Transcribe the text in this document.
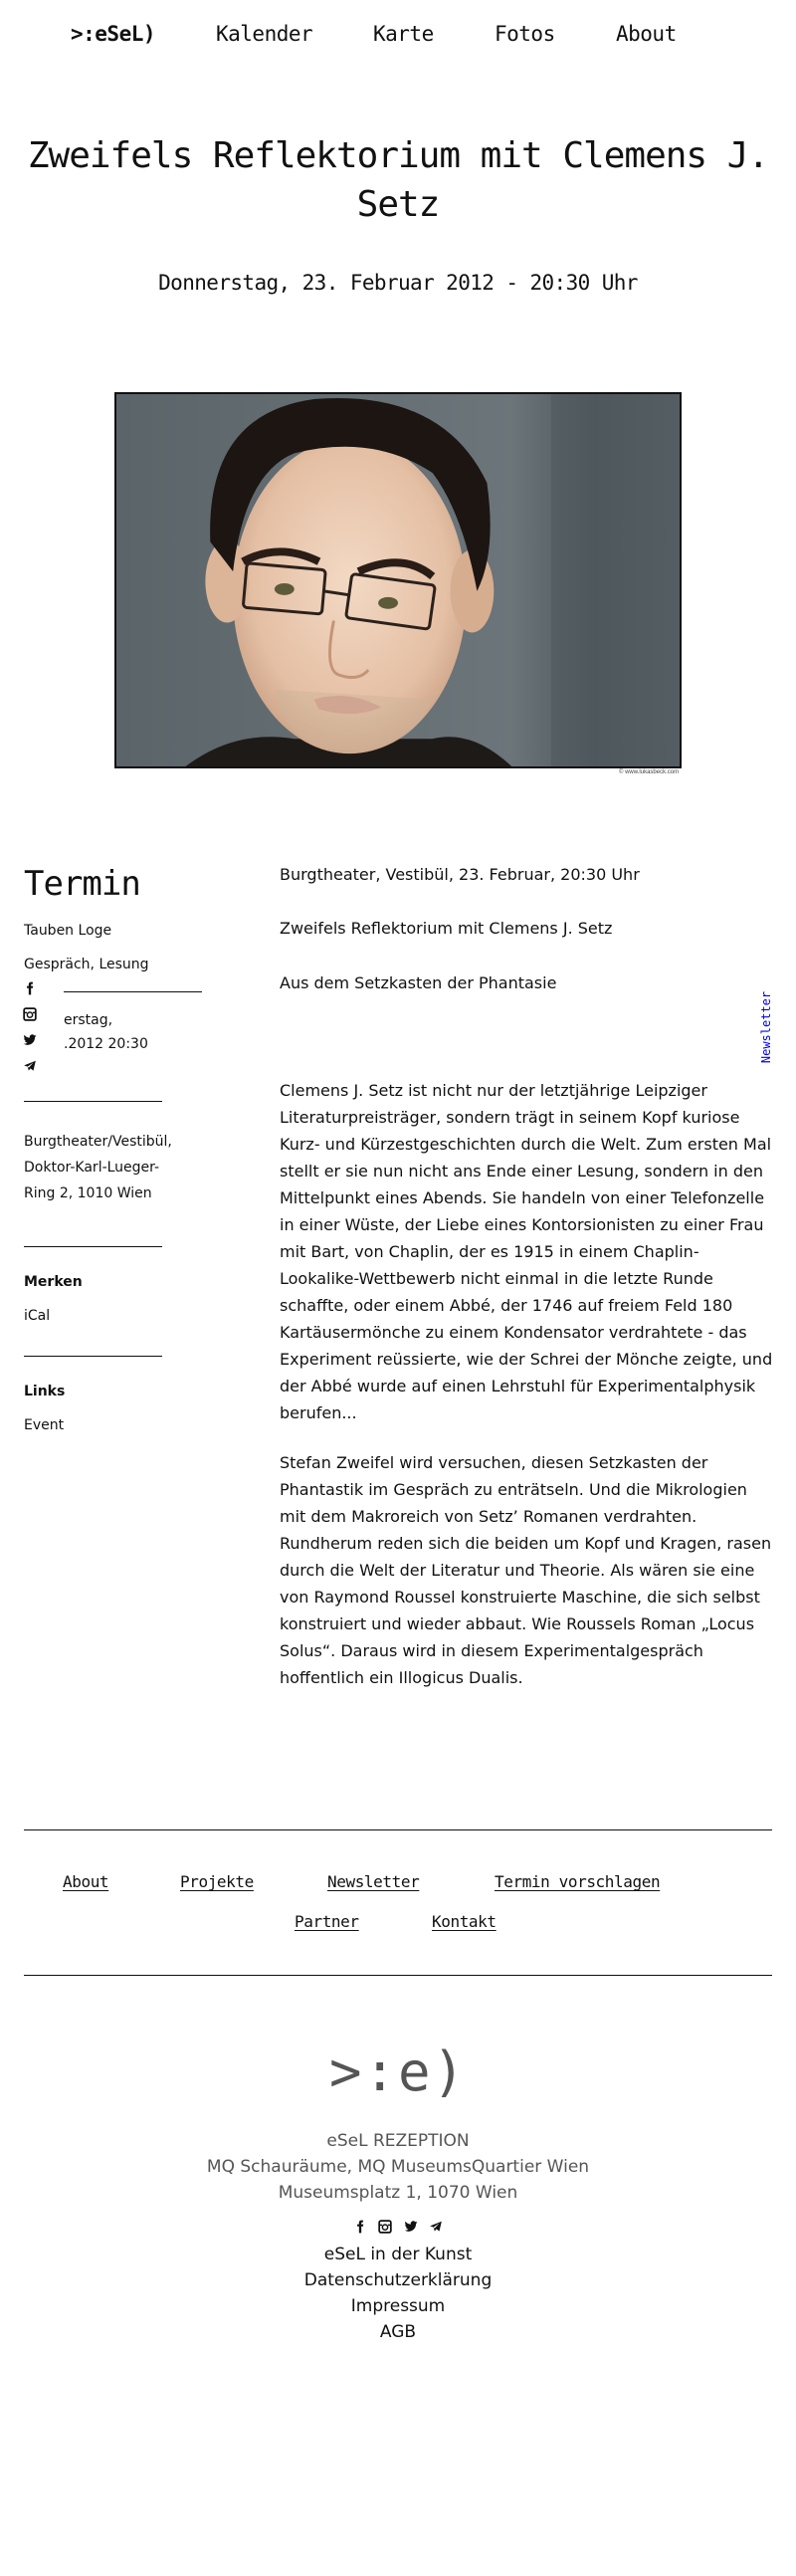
>:eSeL)	Kalender	Karte	Fotos	About
Zweifels Reflektorium mit Clemens J. Setz
Donnerstag, 23. Februar 2012 - 20:30 Uhr
© www.lukasbeck.com
Termin
Tauben Loge
Gespräch, Lesung
erstag,
.2012 20:30
Burgtheater/Vestibül, Doktor-Karl-Lueger-Ring 2, 1010 Wien
Merken
iCal
Links
Event
Burgtheater, Vestibül, 23. Februar, 20:30 Uhr
Zweifels Reflektorium mit Clemens J. Setz
Aus dem Setzkasten der Phantasie

Clemens J. Setz ist nicht nur der letztjährige Leipziger Literaturpreisträger, sondern trägt in seinem Kopf kuriose Kurz- und Kürzestgeschichten durch die Welt. Zum ersten Mal stellt er sie nun nicht ans Ende einer Lesung, sondern in den Mittelpunkt eines Abends. Sie handeln von einer Telefonzelle in einer Wüste, der Liebe eines Kontorsionisten zu einer Frau mit Bart, von Chaplin, der es 1915 in einem Chaplin-Lookalike-Wettbewerb nicht einmal in die letzte Runde schaffte, oder einem Abbé, der 1746 auf freiem Feld 180 Kartäusermönche zu einem Kondensator verdrahtete - das Experiment reüssierte, wie der Schrei der Mönche zeigte, und der Abbé wurde auf einen Lehrstuhl für Experimentalphysik berufen...

Stefan Zweifel wird versuchen, diesen Setzkasten der Phantastik im Gespräch zu enträtseln. Und die Mikrologien mit dem Makroreich von Setz’ Romanen verdrahten. Rundherum reden sich die beiden um Kopf und Kragen, rasen durch die Welt der Literatur und Theorie. Als wären sie eine von Raymond Roussel konstruierte Maschine, die sich selbst konstruiert und wieder abbaut. Wie Roussels Roman „Locus Solus“. Daraus wird in diesem Experimentalgespräch hoffentlich ein Illogicus Dualis.

Newsletter
About	Projekte	Newsletter	Termin vorschlagen
Partner	Kontakt
>:e)
eSeL REZEPTION
MQ Schauräume, MQ MuseumsQuartier Wien
Museumsplatz 1, 1070 Wien

eSeL in der Kunst
Datenschutzerklärung
Impressum
AGB
